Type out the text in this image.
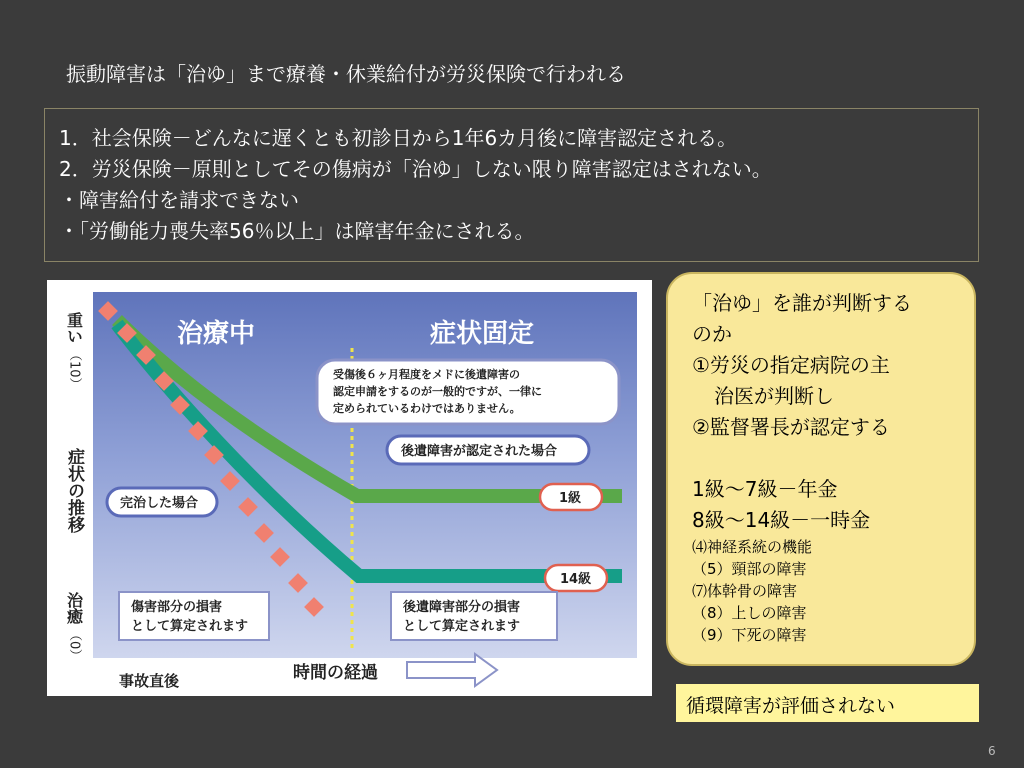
振動障害は「治ゆ」まで療養・休業給付が労災保険で行われる
1．社会保険－どんなに遅くとも初診日から1年6カ月後に障害認定される。
2．労災保険－原則としてその傷病が「治ゆ」しない限り障害認定はされない。
・障害給付を請求できない
・「労働能力喪失率56％以上」は障害年金にされる。
治療中	症状固定
重い
（10）
症状の推移
治癒
（0）
受傷後６ヶ月程度をメドに後遺障害の
認定申請をするのが一般的ですが、一律に
定められているわけではありません。
後遺障害が認定された場合
完治した場合	1級
14級
傷害部分の損害
として算定されます
後遺障害部分の損害
として算定されます
事故直後	時間の経過
「治ゆ」を誰が判断する
のか
①労災の指定病院の主
治医が判断し
②監督署長が認定する
1級～7級－年金
8級～14級－一時金
⑷神経系統の機能
（5）頸部の障害
⑺体幹骨の障害
（8）上しの障害
（9）下死の障害
循環障害が評価されない
6
